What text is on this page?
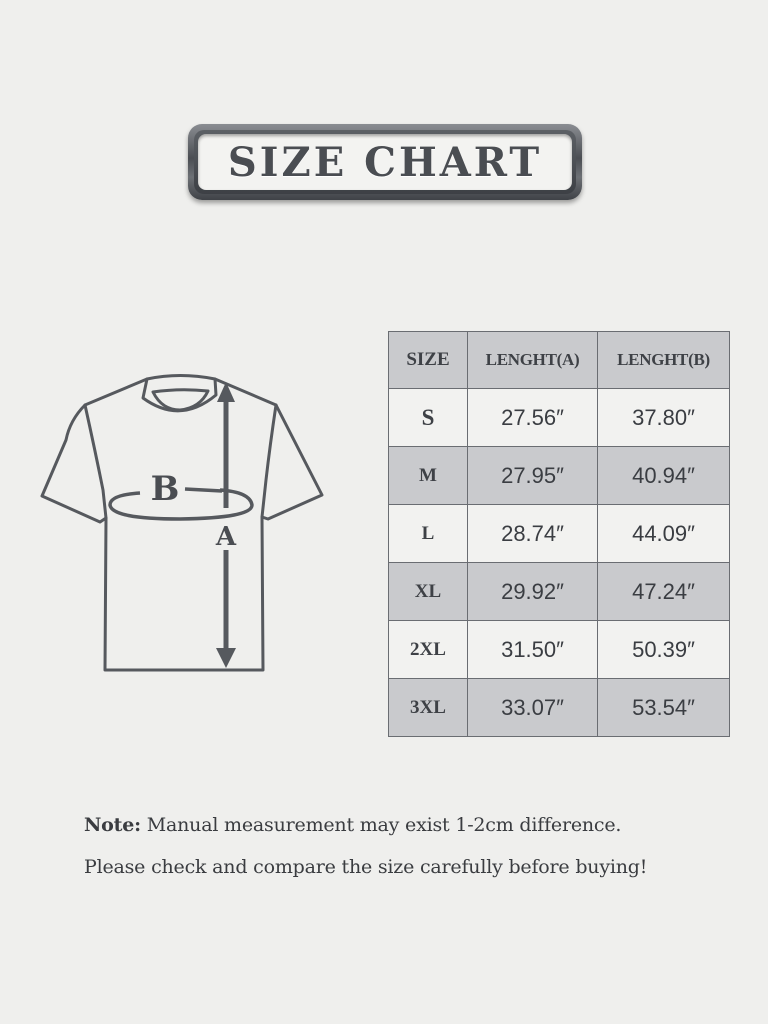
SIZE CHART
B
A
SIZE	LENGHT(A)	LENGHT(B)
S	27.56″	37.80″
M	27.95″	40.94″
L	28.74″	44.09″
XL	29.92″	47.24″
2XL	31.50″	50.39″
3XL	33.07″	53.54″
Note: Manual measurement may exist 1-2cm difference.
Please check and compare the size carefully before buying!
